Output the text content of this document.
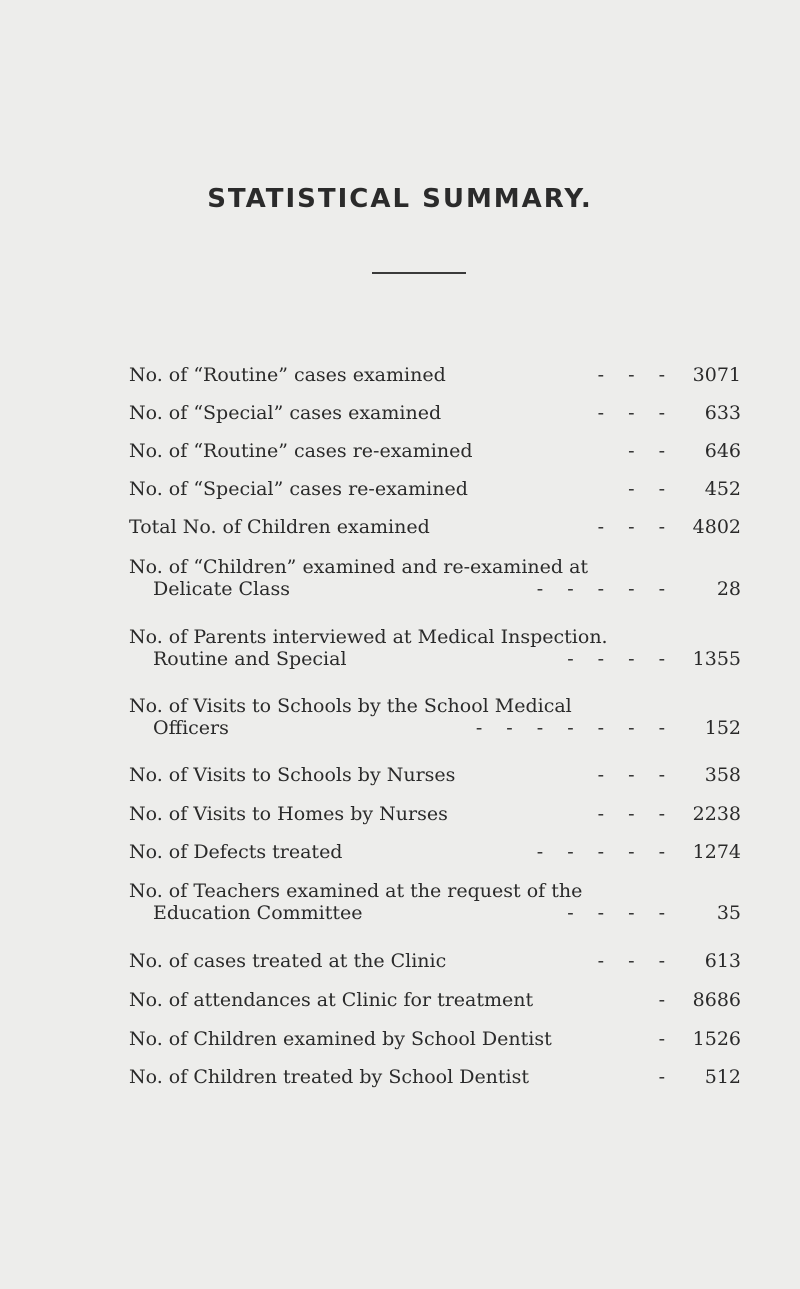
STATISTICAL SUMMARY.
No. of “Routine” cases examined	- - -	3071
No. of “Special” cases examined	- - -	633
No. of “Routine” cases re-examined	- -	646
No. of “Special” cases re-examined	- -	452
Total No. of Children examined	- - -	4802
No. of “Children” examined and re-examined at
Delicate Class	- - - - -	28
No. of Parents interviewed at Medical Inspection.
Routine and Special	- - - -	1355
No. of Visits to Schools by the School Medical
Officers	- - - - - - -	152
No. of Visits to Schools by Nurses	- - -	358
No. of Visits to Homes by Nurses	- - -	2238
No. of Defects treated	- - - - -	1274
No. of Teachers examined at the request of the
Education Committee	- - - -	35
No. of cases treated at the Clinic	- - -	613
No. of attendances at Clinic for treatment	-	8686
No. of Children examined by School Dentist	-	1526
No. of Children treated by School Dentist	-	512
